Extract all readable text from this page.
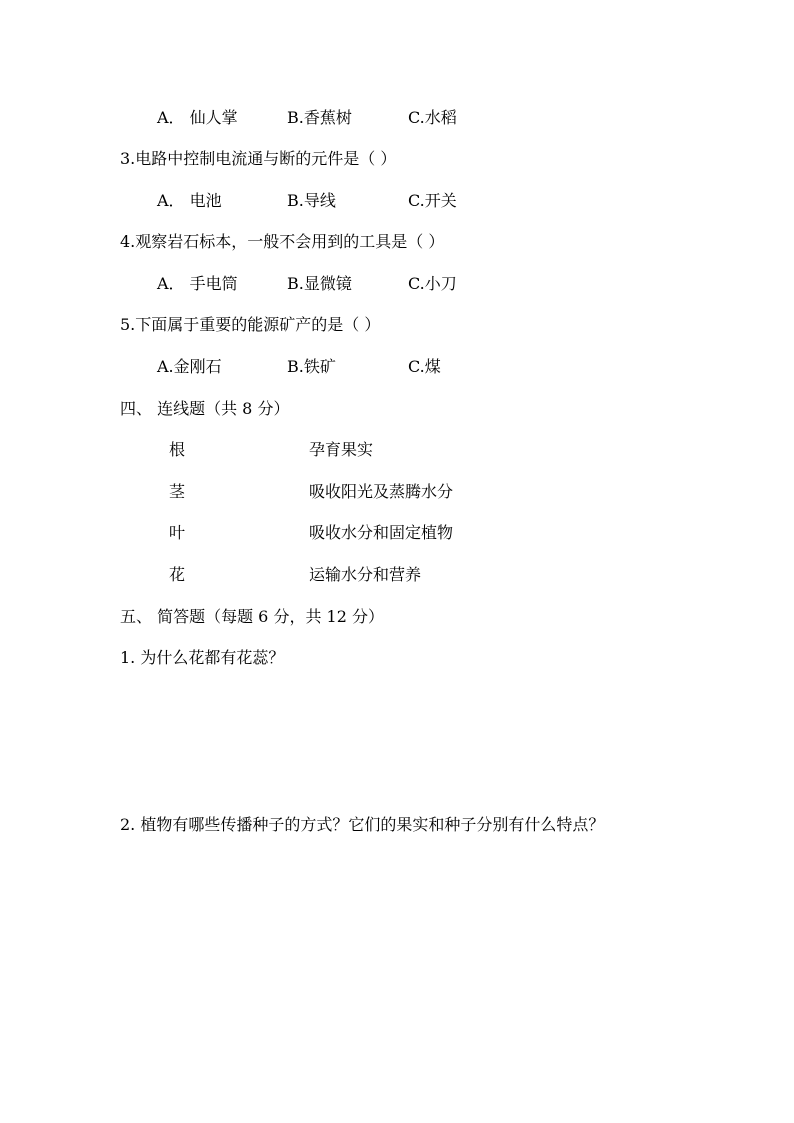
A． 仙人掌	B.香蕉树	C.水稻
3.电路中控制电流通与断的元件是（ ）
A． 电池	B.导线	C.开关
4.观察岩石标本，一般不会用到的工具是（ ）
A． 手电筒	B.显微镜	C.小刀
5.下面属于重要的能源矿产的是（ ）
A.金刚石	B.铁矿	C.煤
四、 连线题（共 8 分）
根	孕育果实
茎	吸收阳光及蒸腾水分
叶	吸收水分和固定植物
花	运输水分和营养
五、 简答题（每题 6 分，共 12 分）
1. 为什么花都有花蕊？
2. 植物有哪些传播种子的方式？它们的果实和种子分别有什么特点？
